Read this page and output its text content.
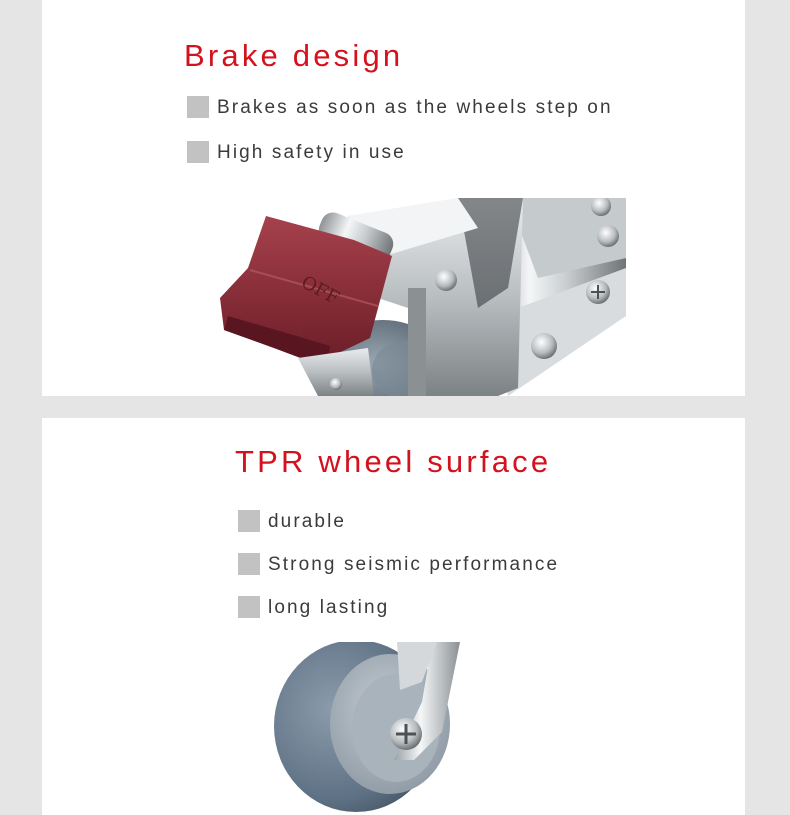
Brake design
Brakes as soon as the wheels step on
High safety in use
OFF
ON
TPR wheel surface
durable
Strong seismic performance
long lasting
